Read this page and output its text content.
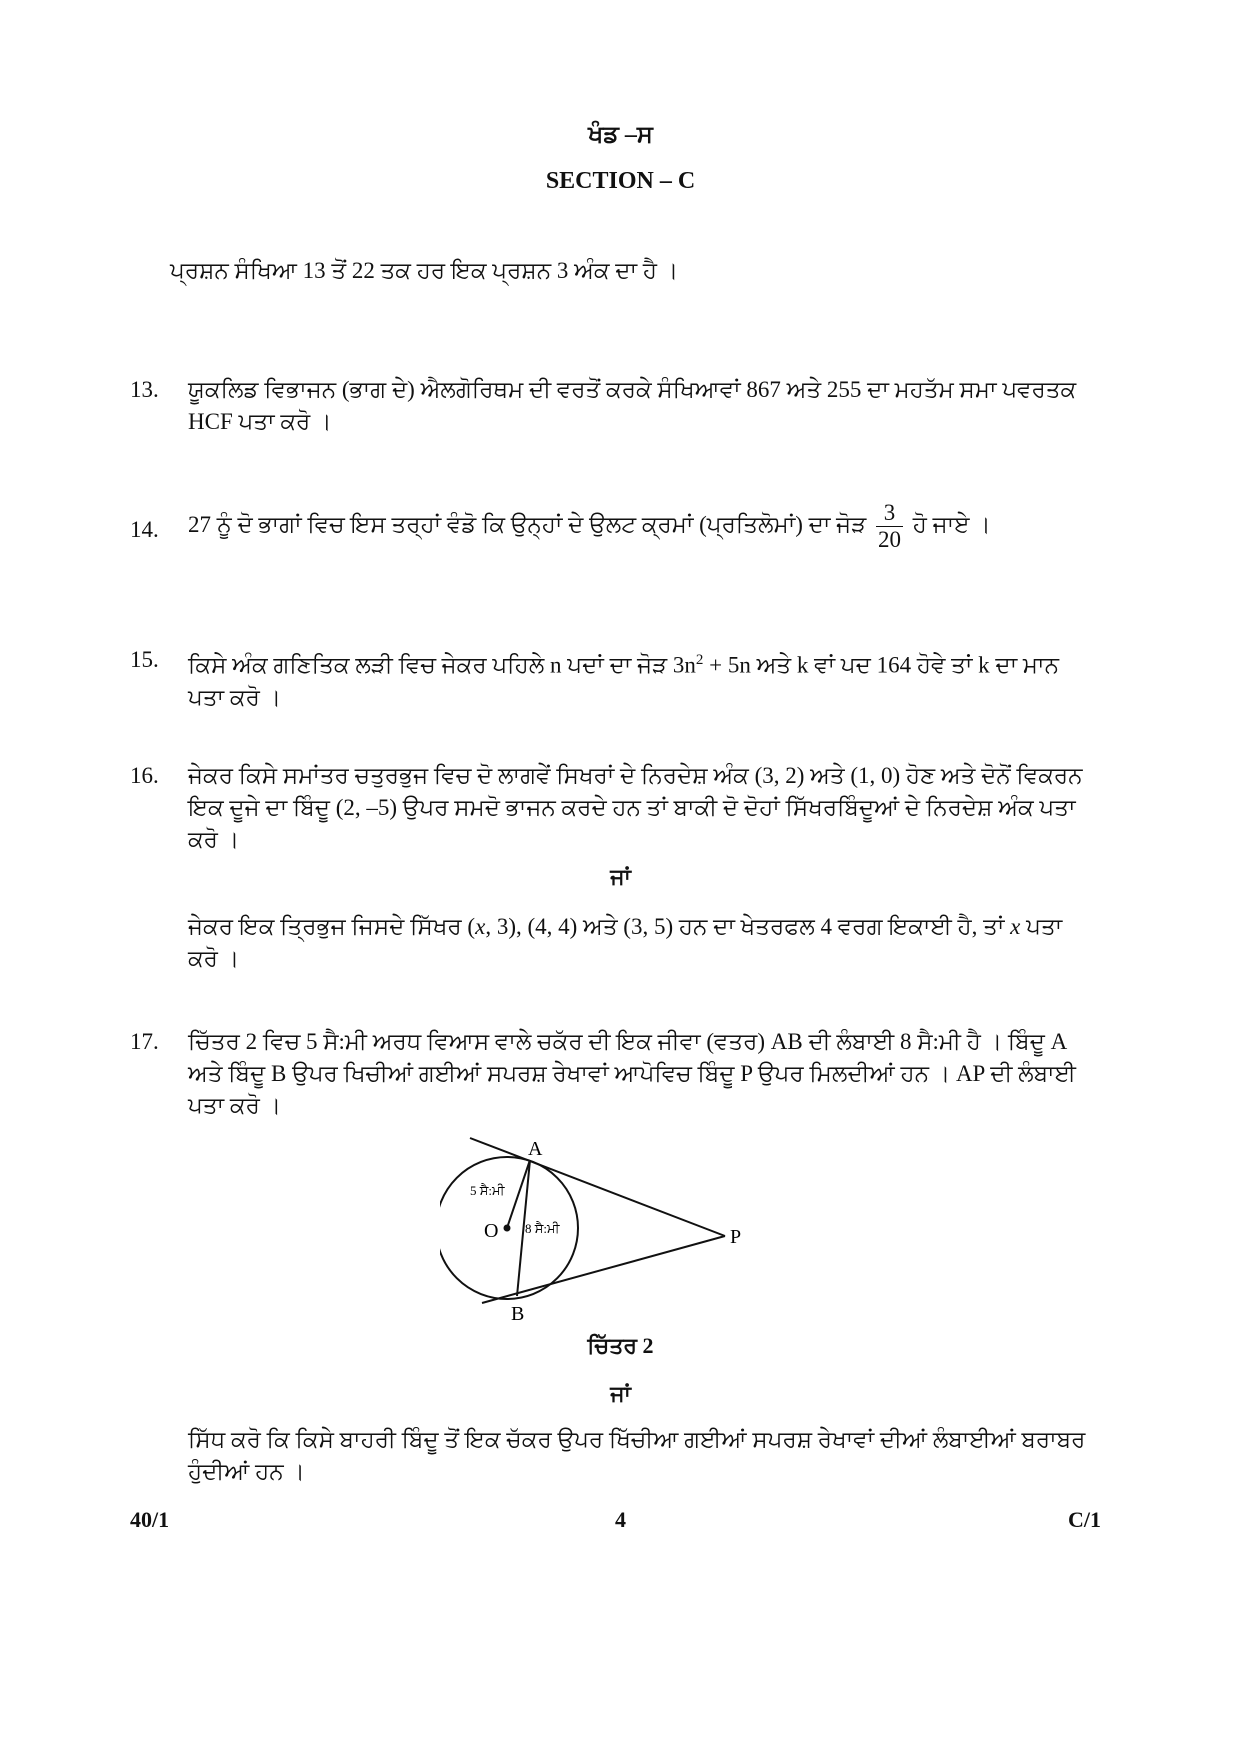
ਖੰਡ –ਸ
SECTION – C
ਪ੍ਰਸ਼ਨ ਸੰਖਿਆ 13 ਤੋਂ 22 ਤਕ ਹਰ ਇਕ ਪ੍ਰਸ਼ਨ 3 ਅੰਕ ਦਾ ਹੈ ।
13. ਯੂਕਲਿਡ ਵਿਭਾਜਨ (ਭਾਗ ਦੇ) ਐਲਗੋਰਿਥਮ ਦੀ ਵਰਤੋਂ ਕਰਕੇ ਸੰਖਿਆਵਾਂ 867 ਅਤੇ 255 ਦਾ ਮਹਤੱਮ ਸਮਾ ਪਵਰਤਕ HCF ਪਤਾ ਕਰੋ ।
14. 27 ਨੂੰ ਦੋ ਭਾਗਾਂ ਵਿਚ ਇਸ ਤਰ੍ਹਾਂ ਵੰਡੋ ਕਿ ਉਨ੍ਹਾਂ ਦੇ ਉਲਟ ਕ੍ਰਮਾਂ (ਪ੍ਰਤਿਲੋਮਾਂ) ਦਾ ਜੋੜ $\frac{3}{20}$ ਹੋ ਜਾਏ ।
15. ਕਿਸੇ ਅੰਕ ਗਣਿਤਿਕ ਲੜੀ ਵਿਚ ਜੇਕਰ ਪਹਿਲੇ n ਪਦਾਂ ਦਾ ਜੋੜ $3n^2 + 5n$ ਅਤੇ k ਵਾਂ ਪਦ 164 ਹੋਵੇ ਤਾਂ k ਦਾ ਮਾਨ ਪਤਾ ਕਰੋ ।
16. ਜੇਕਰ ਕਿਸੇ ਸਮਾਂਤਰ ਚਤੁਰਭੁਜ ਵਿਚ ਦੋ ਲਾਗਵੇਂ ਸਿਖਰਾਂ ਦੇ ਨਿਰਦੇਸ਼ ਅੰਕ (3, 2) ਅਤੇ (1, 0) ਹੋਣ ਅਤੇ ਦੋਨੋਂ ਵਿਕਰਨ ਇਕ ਦੂਜੇ ਦਾ ਬਿੰਦੂ (2, –5) ਉਪਰ ਸਮਦੋ ਭਾਜਨ ਕਰਦੇ ਹਨ ਤਾਂ ਬਾਕੀ ਦੋ ਦੋਹਾਂ ਸਿੱਖਰਬਿੰਦੂਆਂ ਦੇ ਨਿਰਦੇਸ਼ ਅੰਕ ਪਤਾ ਕਰੋ ।
ਜਾਂ
ਜੇਕਰ ਇਕ ਤ੍ਰਿਭੁਜ ਜਿਸਦੇ ਸਿੱਖਰ (x, 3), (4, 4) ਅਤੇ (3, 5) ਹਨ ਦਾ ਖੇਤਰਫਲ 4 ਵਰਗ ਇਕਾਈ ਹੈ, ਤਾਂ x ਪਤਾ ਕਰੋ ।
17. ਚਿੱਤਰ 2 ਵਿਚ 5 ਸੈ:ਮੀ ਅਰਧ ਵਿਆਸ ਵਾਲੇ ਚਕੱਰ ਦੀ ਇਕ ਜੀਵਾ (ਵਤਰ) AB ਦੀ ਲੰਬਾਈ 8 ਸੈ:ਮੀ ਹੈ । ਬਿੰਦੂ A ਅਤੇ ਬਿੰਦੂ B ਉਪਰ ਖਿਚੀਆਂ ਗਈਆਂ ਸਪਰਸ਼ ਰੇਖਾਵਾਂ ਆਪੋਵਿਚ ਬਿੰਦੂ P ਉਪਰ ਮਿਲਦੀਆਂ ਹਨ । AP ਦੀ ਲੰਬਾਈ ਪਤਾ ਕਰੋ ।
A
B
O	P
5 ਸੈ:ਮੀ
8 ਸੈ:ਮੀ
ਚਿੱਤਰ 2
ਜਾਂ
ਸਿੱਧ ਕਰੋ ਕਿ ਕਿਸੇ ਬਾਹਰੀ ਬਿੰਦੂ ਤੋਂ ਇਕ ਚੱਕਰ ਉਪਰ ਖਿੱਚੀਆ ਗਈਆਂ ਸਪਰਸ਼ ਰੇਖਾਵਾਂ ਦੀਆਂ ਲੰਬਾਈਆਂ ਬਰਾਬਰ ਹੁੰਦੀਆਂ ਹਨ ।
40/1	4	C/1
